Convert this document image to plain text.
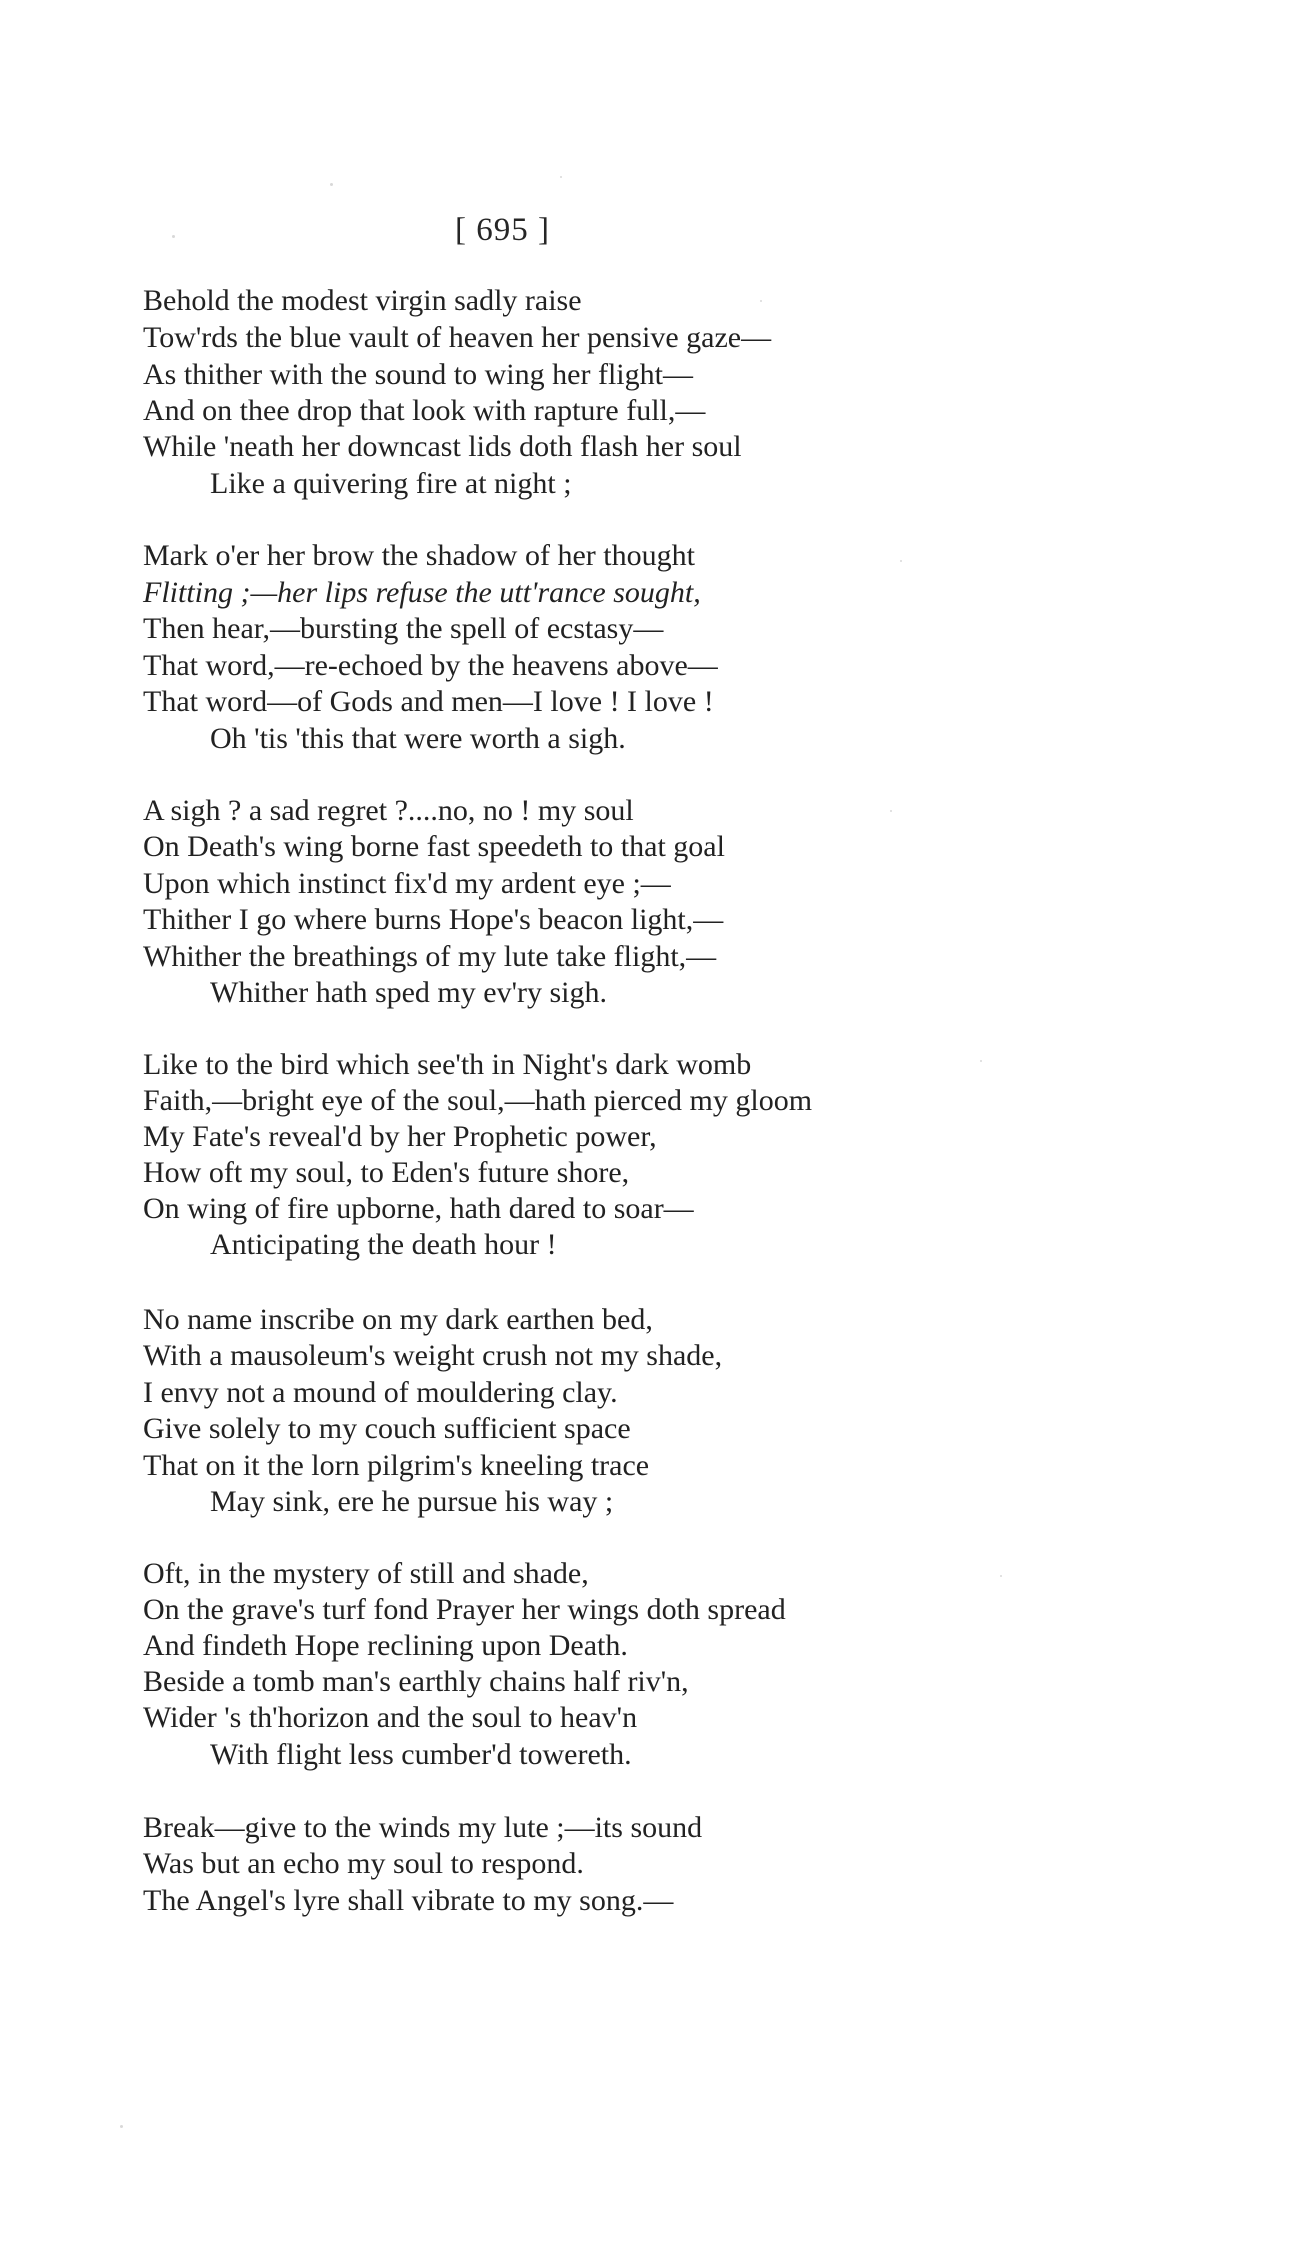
[ 695 ]
Behold the modest virgin sadly raise
Tow'rds the blue vault of heaven her pensive gaze—
As thither with the sound to wing her flight—
And on thee drop that look with rapture full,—
While 'neath her downcast lids doth flash her soul
Like a quivering fire at night ;
Mark o'er her brow the shadow of her thought
Flitting ;—her lips refuse the utt'rance sought,
Then hear,—bursting the spell of ecstasy—
That word,—re-echoed by the heavens above—
That word—of Gods and men—I love ! I love !
Oh 'tis 'this that were worth a sigh.
A sigh ? a sad regret ?....no, no ! my soul
On Death's wing borne fast speedeth to that goal
Upon which instinct fix'd my ardent eye ;—
Thither I go where burns Hope's beacon light,—
Whither the breathings of my lute take flight,—
Whither hath sped my ev'ry sigh.
Like to the bird which see'th in Night's dark womb
Faith,—bright eye of the soul,—hath pierced my gloom
My Fate's reveal'd by her Prophetic power,
How oft my soul, to Eden's future shore,
On wing of fire upborne, hath dared to soar—
Anticipating the death hour !
No name inscribe on my dark earthen bed,
With a mausoleum's weight crush not my shade,
I envy not a mound of mouldering clay.
Give solely to my couch sufficient space
That on it the lorn pilgrim's kneeling trace
May sink, ere he pursue his way ;
Oft, in the mystery of still and shade,
On the grave's turf fond Prayer her wings doth spread
And findeth Hope reclining upon Death.
Beside a tomb man's earthly chains half riv'n,
Wider 's th'horizon and the soul to heav'n
With flight less cumber'd towereth.
Break—give to the winds my lute ;—its sound
Was but an echo my soul to respond.
The Angel's lyre shall vibrate to my song.—
